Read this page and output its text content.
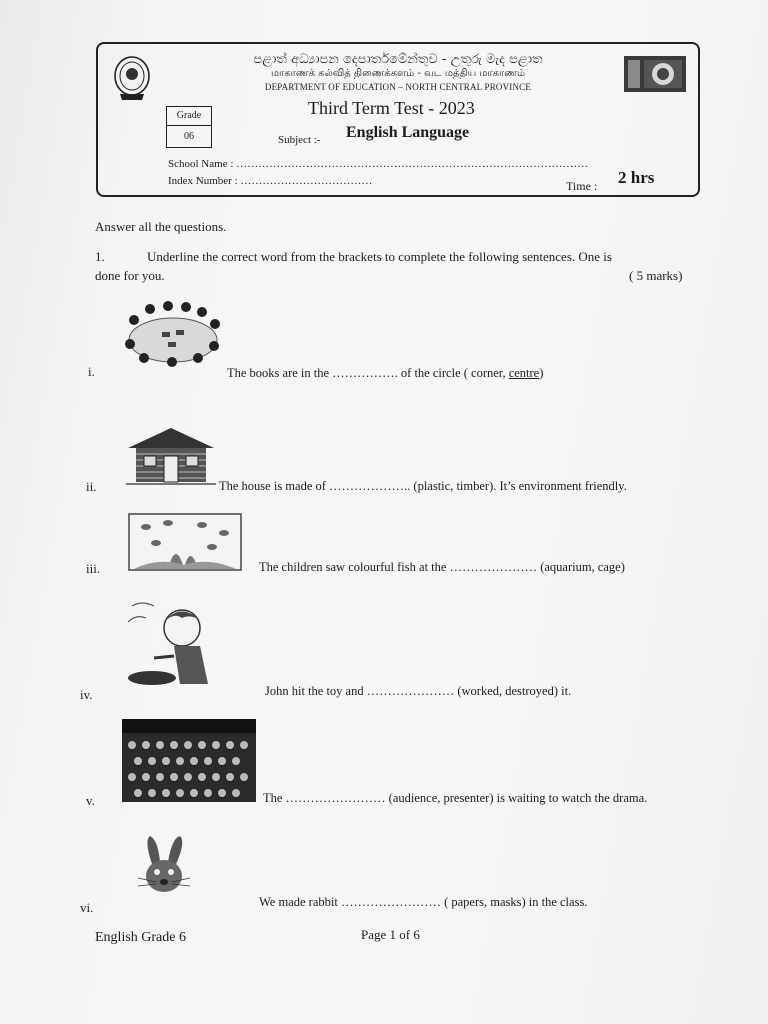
පළාත් අධ්‍යාපන දෙපාර්තමේන්තුව - උතුරු මැද පළාත
மாகாணக் கல்வித் திணைக்களம் - வட மத்திய மாகாணம்
DEPARTMENT OF EDUCATION – NORTH CENTRAL PROVINCE
Grade
06
Third Term Test - 2023
Subject :- English Language
School Name : ……………………………………………………………………………………
Index Number : ………………………………	Time : 2 hrs
Answer all the questions.
1.	Underline the correct word from the brackets to complete the following sentences. One is
done for you.	( 5 marks)
i.	The books are in the ……………. of the circle ( corner, centre)
ii.	The house is made of ……………….. (plastic, timber). It’s environment friendly.
iii.	The children saw colourful fish at the ………………… (aquarium, cage)
iv.	John hit the toy and ………………… (worked, destroyed) it.
v.	The …………………… (audience, presenter) is waiting to watch the drama.
vi.	We made rabbit …………………… ( papers, masks) in the class.
English Grade 6	Page 1 of 6
